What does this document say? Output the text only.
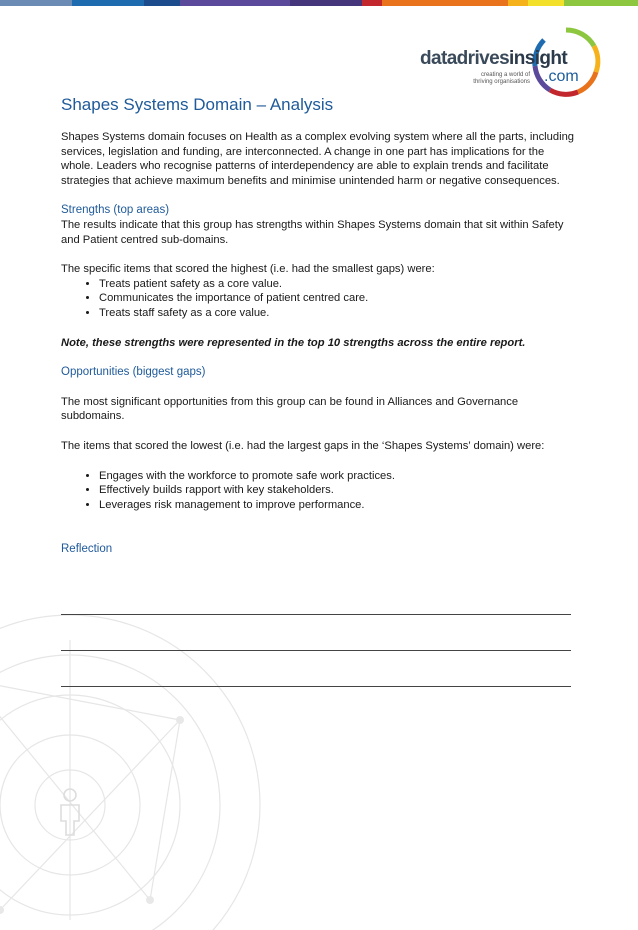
datadrivesinsight
creating a world of
thriving organisations .com
Shapes Systems Domain – Analysis

Shapes Systems domain focuses on Health as a complex evolving system where all the parts, including services, legislation and funding, are interconnected. A change in one part has implications for the whole. Leaders who recognise patterns of interdependency are able to explain trends and facilitate strategies that achieve maximum benefits and minimise unintended harm or negative consequences.

Strengths (top areas)

The results indicate that this group has strengths within Shapes Systems domain that sit within Safety and Patient centred sub-domains.

The specific items that scored the highest (i.e. had the smallest gaps) were:

• Treats patient safety as a core value.
• Communicates the importance of patient centred care.
• Treats staff safety as a core value.

Note, these strengths were represented in the top 10 strengths across the entire report.

Opportunities (biggest gaps)

The most significant opportunities from this group can be found in Alliances and Governance subdomains.

The items that scored the lowest (i.e. had the largest gaps in the ‘Shapes Systems’ domain) were:

• Engages with the workforce to promote safe work practices.
• Effectively builds rapport with key stakeholders.
• Leverages risk management to improve performance.

Reflection
